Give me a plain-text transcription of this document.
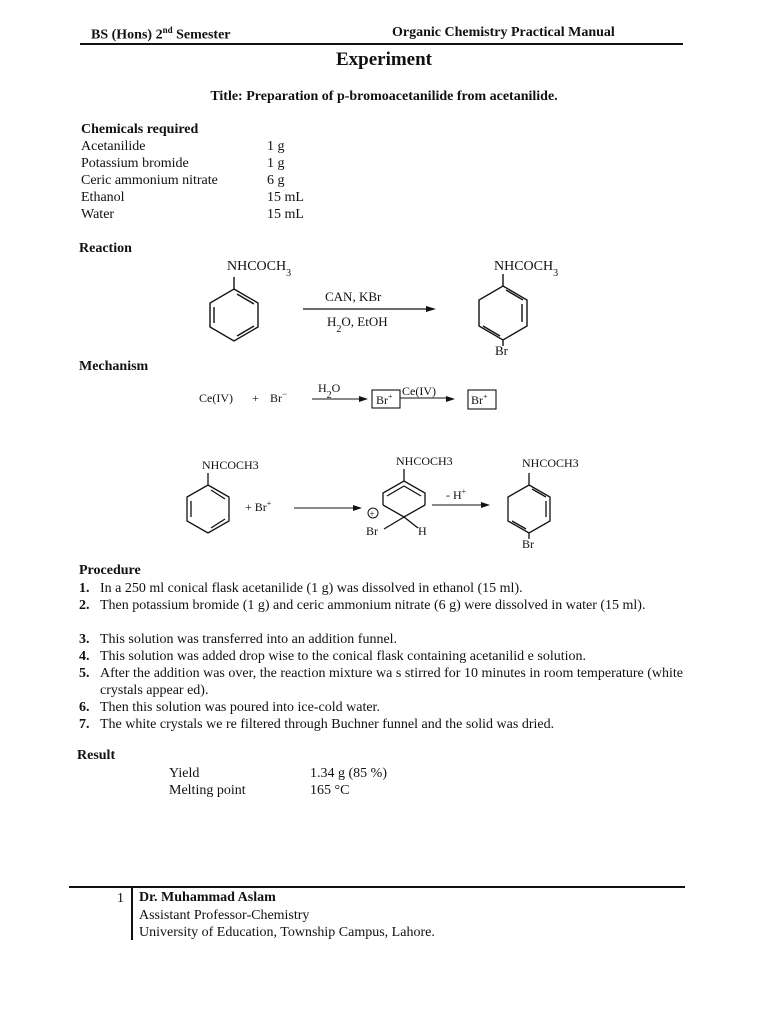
BS (Hons) 2nd Semester	Organic Chemistry Practical Manual
Experiment
Title: Preparation of p-bromoacetanilide from acetanilide.
Chemicals required
Acetanilide	1 g
Potassium bromide	1 g
Ceric ammonium nitrate	6 g
Ethanol	15 mL
Water	15 mL
Reaction
$NHCOCH_3$
CAN, KBr
$H_2O$, EtOH
$NHCOCH_3$
Br
Mechanism
Ce(IV) + Br−	$H_2O$
Br+ Ce(IV)
Br+
NHCOCH3
+ Br+
NHCOCH3
+
Br	H
- H+
NHCOCH3
Br
Procedure
1. In a 250 ml conical flask acetanilide (1 g) was dissolved in ethanol (15 ml).
2. Then potassium bromide (1 g) and ceric ammonium nitrate (6 g) were dissolved in water (15 ml).
3. This solution was transferred into an addition funnel.
4. This solution was added drop wise to the conical flask containing acetanilid e solution.
5. After the addition was over, the reaction mixture wa s stirred for 10 minutes in room temperature (white crystals appear ed).
6. Then this solution was poured into ice-cold water.
7. The white crystals we re filtered through Buchner funnel and the solid was dried.
Result
Yield	1.34 g (85 %)
Melting point	165 °C
1 Dr. Muhammad Aslam
Assistant Professor-Chemistry
University of Education, Township Campus, Lahore.
